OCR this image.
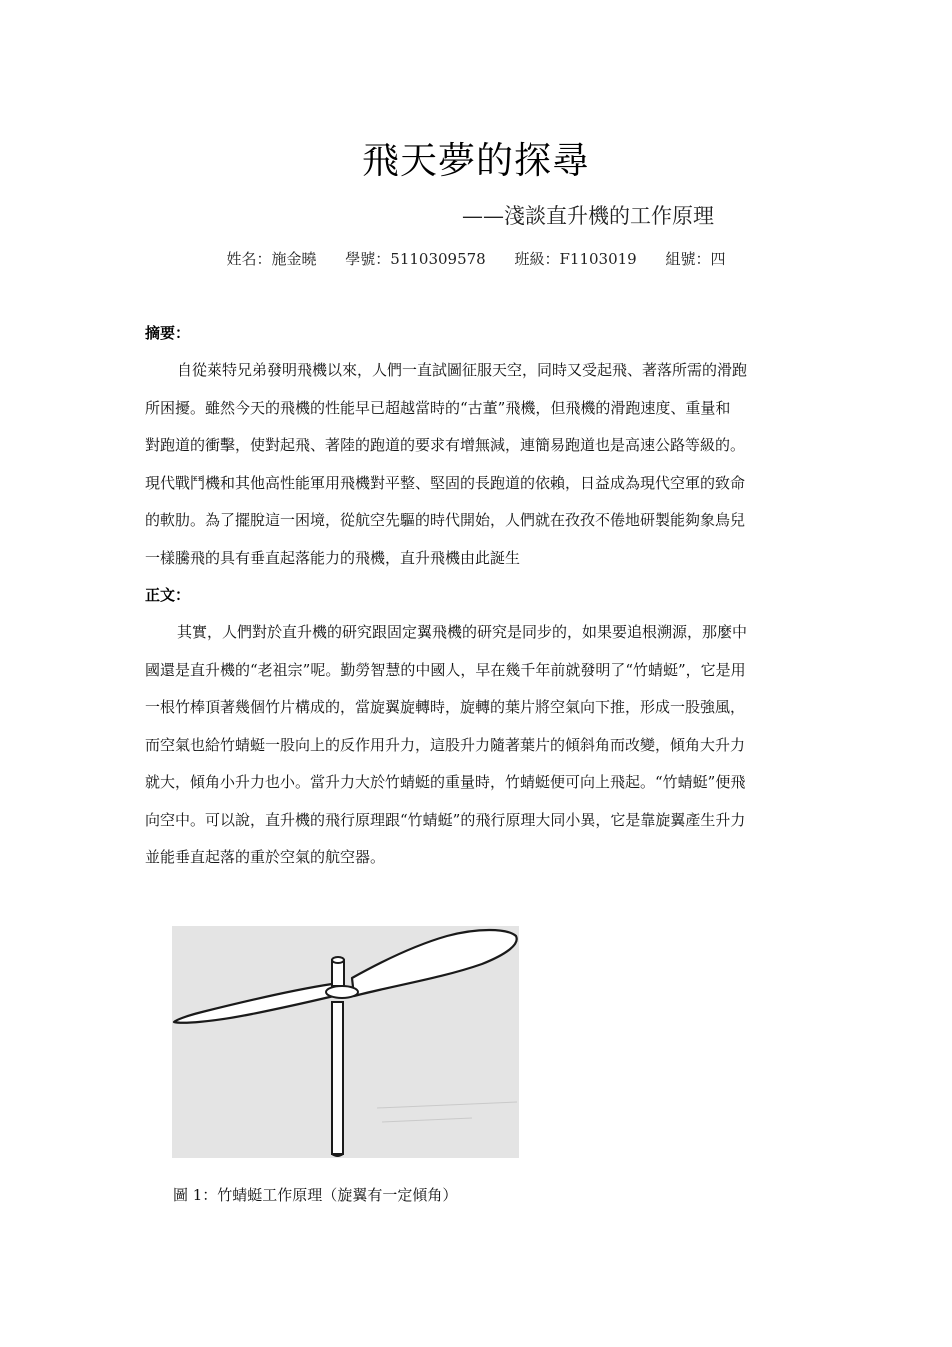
飛天夢的探尋
——淺談直升機的工作原理
姓名：施金曉 學號：5110309578 班級：F1103019 組號：四
摘要：
自從萊特兄弟發明飛機以來，人們一直試圖征服天空，同時又受起飛、著落所需的滑跑
所困擾。雖然今天的飛機的性能早已超越當時的“古董”飛機，但飛機的滑跑速度、重量和
對跑道的衝擊，使對起飛、著陸的跑道的要求有增無減，連簡易跑道也是高速公路等級的。
現代戰鬥機和其他高性能軍用飛機對平整、堅固的長跑道的依賴，日益成為現代空軍的致命
的軟肋。為了擺脫這一困境，從航空先驅的時代開始，人們就在孜孜不倦地研製能夠象鳥兒
一樣騰飛的具有垂直起落能力的飛機，直升飛機由此誕生
正文：
其實，人們對於直升機的研究跟固定翼飛機的研究是同步的，如果要追根溯源，那麼中
國還是直升機的“老祖宗”呢。勤勞智慧的中國人，早在幾千年前就發明了“竹蜻蜓”，它是用
一根竹棒頂著幾個竹片構成的，當旋翼旋轉時，旋轉的葉片將空氣向下推，形成一股強風，
而空氣也給竹蜻蜓一股向上的反作用升力，這股升力隨著葉片的傾斜角而改變，傾角大升力
就大，傾角小升力也小。當升力大於竹蜻蜓的重量時，竹蜻蜓便可向上飛起。“竹蜻蜓”便飛
向空中。可以說，直升機的飛行原理跟“竹蜻蜓”的飛行原理大同小異，它是靠旋翼產生升力
並能垂直起落的重於空氣的航空器。
圖 1：竹蜻蜓工作原理（旋翼有一定傾角）
